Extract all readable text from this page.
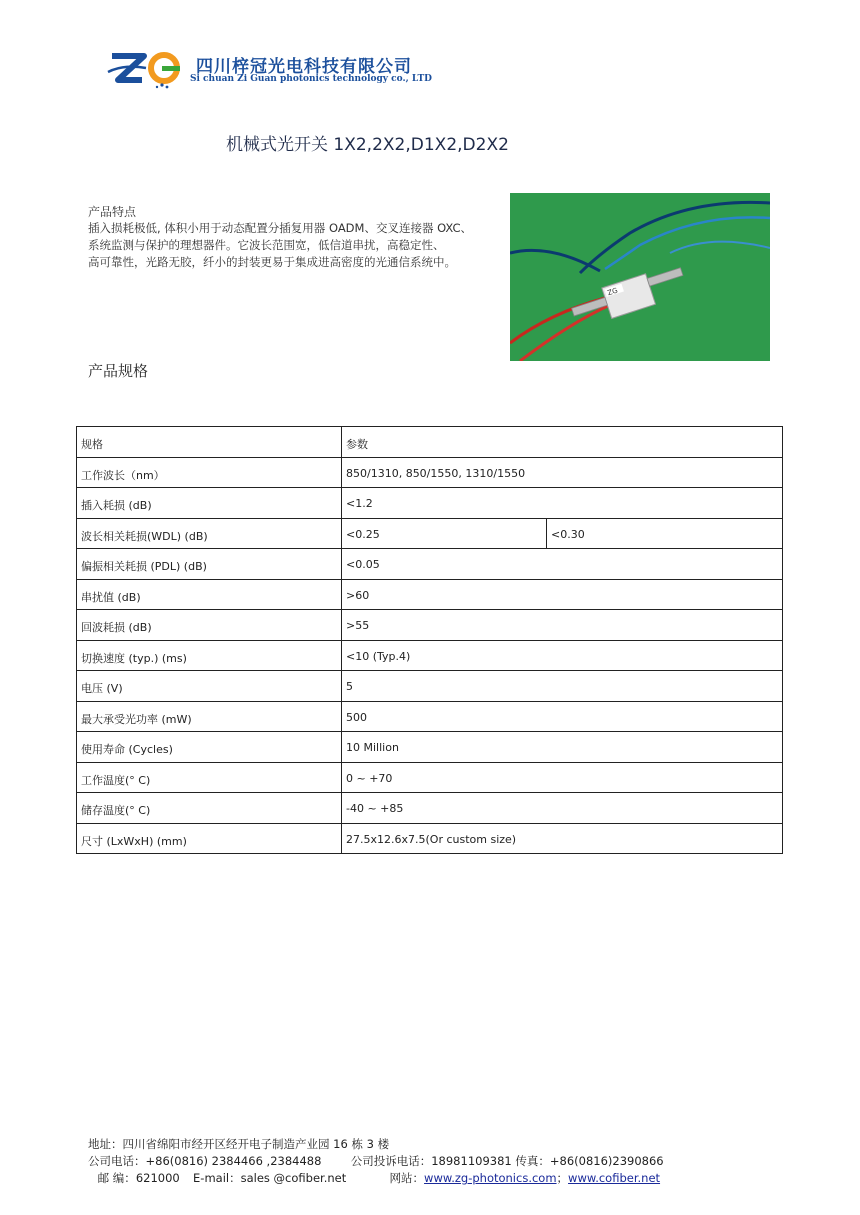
四川梓冠光电科技有限公司
Si chuan Zi Guan photonics technology co., LTD
机械式光开关 1X2,2X2,D1X2,D2X2
产品特点
插入损耗极低, 体积小用于动态配置分插复用器 OADM、交叉连接器 OXC、
系统监测与保护的理想器件。它波长范围宽，低信道串扰，高稳定性、
高可靠性，光路无胶，纤小的封装更易于集成进高密度的光通信系统中。
ZG
产品规格
规格	参数	
工作波长（nm）	850/1310, 850/1550, 1310/1550	
插入耗损 (dB)	<1.2	
波长相关耗损(WDL) (dB)	<0.25	<0.30
偏振相关耗损 (PDL) (dB)	<0.05	
串扰值 (dB)	>60	
回波耗损 (dB)	>55	
切换速度 (typ.) (ms)	<10 (Typ.4)	
电压 (V)	5	
最大承受光功率 (mW)	500	
使用寿命 (Cycles)	10 Million	
工作温度(° C)	0 ~ +70	
储存温度(° C)	-40 ~ +85	
尺寸 (LxWxH) (mm)	27.5x12.6x7.5(Or custom size)	
地址：四川省绵阳市经开区经开电子制造产业园 16 栋 3 楼
公司电话：+86(0816) 2384466 ,2384488	公司投诉电话：18981109381 传真：+86(0816)2390866
邮 编：621000 E-mail：sales @cofiber.net	网站：www.zg-photonics.com；www.cofiber.net
